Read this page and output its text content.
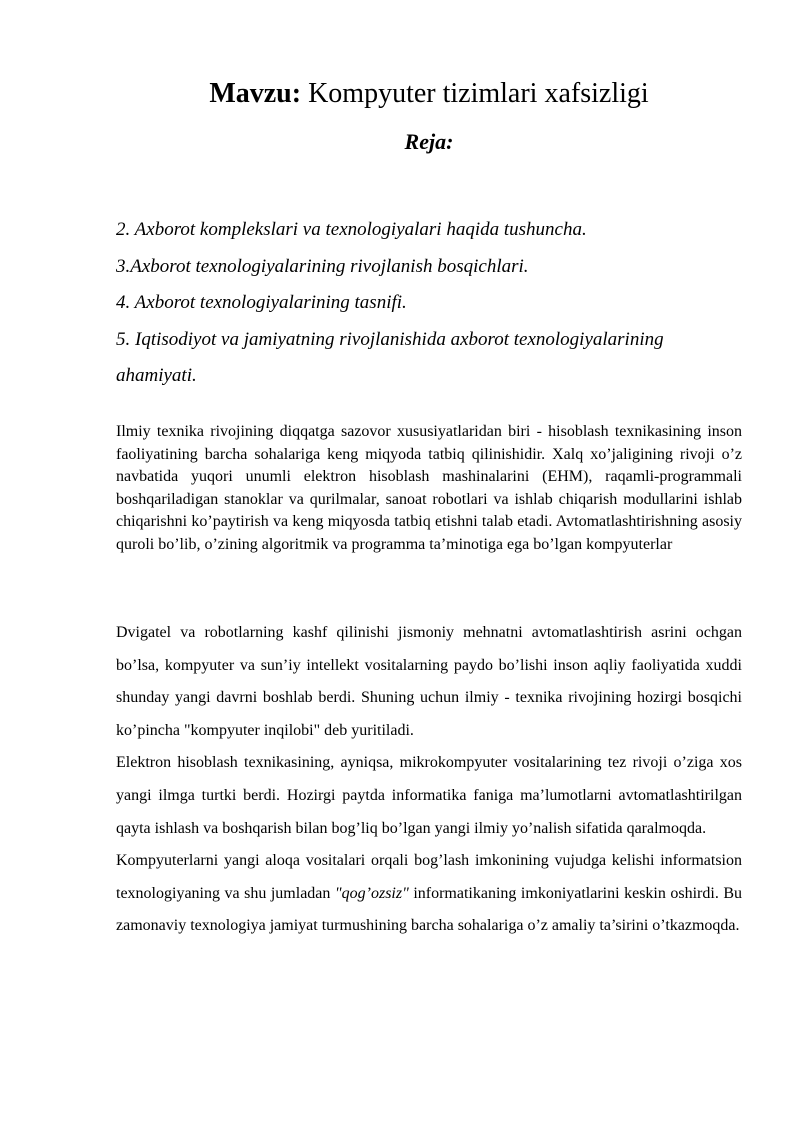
Mavzu: Kompyuter tizimlari xafsizligi
Reja:
2. Axborot komplekslari va texnologiyalari haqida tushuncha.
3.Axborot texnologiyalarining rivojlanish bosqichlari.
4. Axborot texnologiyalarining tasnifi.
5. Iqtisodiyot va jamiyatning rivojlanishida axborot texnologiyalarining
ahamiyati.
Ilmiy texnika rivojining diqqatga sazovor xususiyatlaridan biri - hisoblash texnikasining inson faoliyatining barcha sohalariga keng miqyoda tatbiq qilinishidir. Xalq xo’jaligining rivoji o’z navbatida yuqori unumli elektron hisoblash mashinalarini (EHM), raqamli-programmali boshqariladigan stanoklar va qurilmalar, sanoat robotlari va ishlab chiqarish modullarini ishlab chiqarishni ko’paytirish va keng miqyosda tatbiq etishni talab etadi. Avtomatlashtirishning asosiy quroli bo’lib, o’zining algoritmik va programma ta’minotiga ega bo’lgan kompyuterlar

Dvigatel va robotlarning kashf qilinishi jismoniy mehnatni avtomatlashtirish asrini ochgan bo’lsa, kompyuter va sun’iy intellekt vositalarning paydo bo’lishi inson aqliy faoliyatida xuddi shunday yangi davrni boshlab berdi. Shuning uchun ilmiy - texnika rivojining hozirgi bosqichi ko’pincha "kompyuter inqilobi" deb yuritiladi.

Elektron hisoblash texnikasining, ayniqsa, mikrokompyuter vositalarining tez rivoji o’ziga xos yangi ilmga turtki berdi. Hozirgi paytda informatika faniga ma’lumotlarni avtomatlashtirilgan qayta ishlash va boshqarish bilan bog’liq bo’lgan yangi ilmiy yo’nalish sifatida qaralmoqda.

Kompyuterlarni yangi aloqa vositalari orqali bog’lash imkonining vujudga kelishi informatsion texnologiyaning va shu jumladan "qog’ozsiz" informatikaning imkoniyatlarini keskin oshirdi. Bu zamonaviy texnologiya jamiyat turmushining barcha sohalariga o’z amaliy ta’sirini o’tkazmoqda.
